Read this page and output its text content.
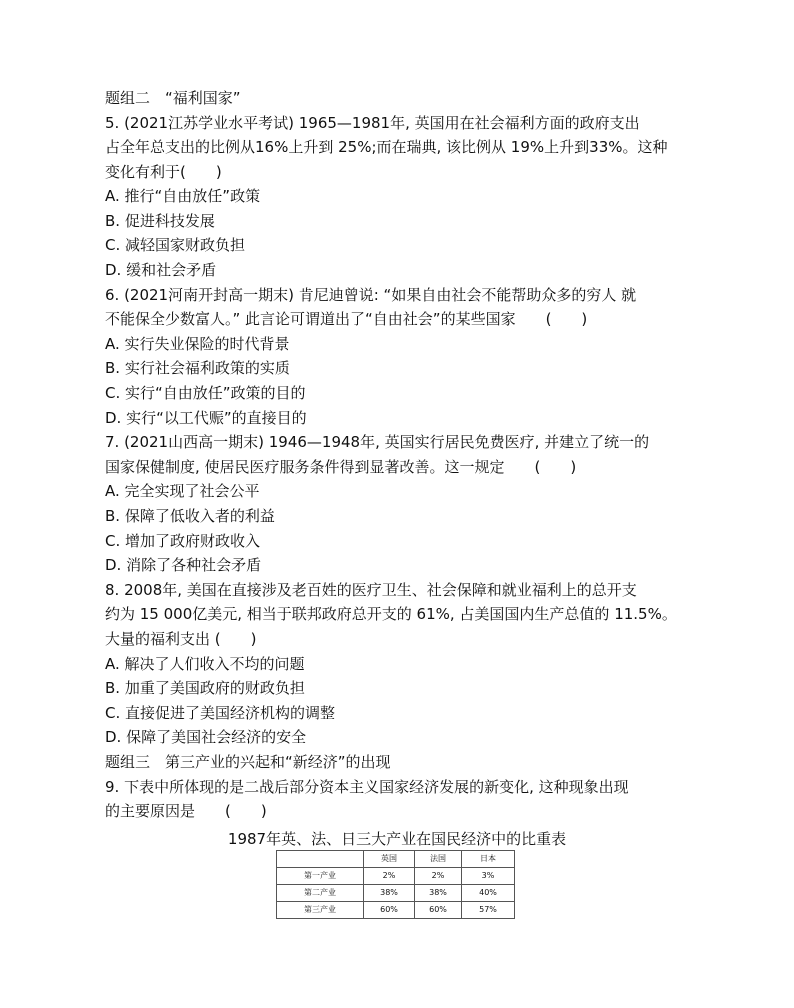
题组二　“福利国家”
5. (2021江苏学业水平考试) 1965—1981年, 英国用在社会福利方面的政府支出
占全年总支出的比例从16%上升到 25%;而在瑞典, 该比例从 19%上升到33%。这种
变化有利于(　　)
A. 推行“自由放任”政策
B. 促进科技发展
C. 减轻国家财政负担
D. 缓和社会矛盾
6. (2021河南开封高一期末) 肯尼迪曾说: “如果自由社会不能帮助众多的穷人 就
不能保全少数富人。” 此言论可谓道出了“自由社会”的某些国家　　(　　)
A. 实行失业保险的时代背景
B. 实行社会福利政策的实质
C. 实行“自由放任”政策的目的
D. 实行“以工代赈”的直接目的
7. (2021山西高一期末) 1946—1948年, 英国实行居民免费医疗, 并建立了统一的
国家保健制度, 使居民医疗服务条件得到显著改善。这一规定　　(　　)
A. 完全实现了社会公平
B. 保障了低收入者的利益
C. 增加了政府财政收入
D. 消除了各种社会矛盾
8. 2008年, 美国在直接涉及老百姓的医疗卫生、社会保障和就业福利上的总开支
约为 15 000亿美元, 相当于联邦政府总开支的 61%, 占美国国内生产总值的 11.5%。
大量的福利支出 (　　)
A. 解决了人们收入不均的问题
B. 加重了美国政府的财政负担
C. 直接促进了美国经济机构的调整
D. 保障了美国社会经济的安全
题组三　第三产业的兴起和“新经济”的出现
9. 下表中所体现的是二战后部分资本主义国家经济发展的新变化, 这种现象出现
的主要原因是　　(　　)
1987年英、法、日三大产业在国民经济中的比重表
	英国	法国	日本
第一产业	2%	2%	3%
第二产业	38%	38%	40%
第三产业	60%	60%	57%
